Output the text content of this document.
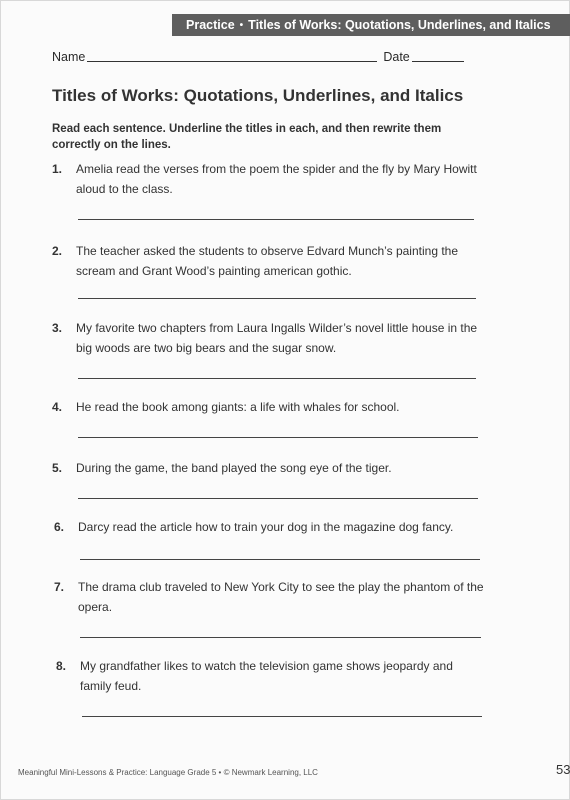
Practice • Titles of Works: Quotations, Underlines, and Italics
Name	Date
Titles of Works: Quotations, Underlines, and Italics
Read each sentence. Underline the titles in each, and then rewrite them correctly on the lines.
1.	Amelia read the verses from the poem the spider and the fly by Mary Howitt aloud to the class.
2.	The teacher asked the students to observe Edvard Munch’s painting the scream and Grant Wood’s painting american gothic.
3.	My favorite two chapters from Laura Ingalls Wilder’s novel little house in the big woods are two big bears and the sugar snow.
4.	He read the book among giants: a life with whales for school.
5.	During the game, the band played the song eye of the tiger.
6.	Darcy read the article how to train your dog in the magazine dog fancy.
7.	The drama club traveled to New York City to see the play the phantom of the opera.
8.	My grandfather likes to watch the television game shows jeopardy and family feud.
Meaningful Mini-Lessons & Practice: Language Grade 5 • © Newmark Learning, LLC	53
